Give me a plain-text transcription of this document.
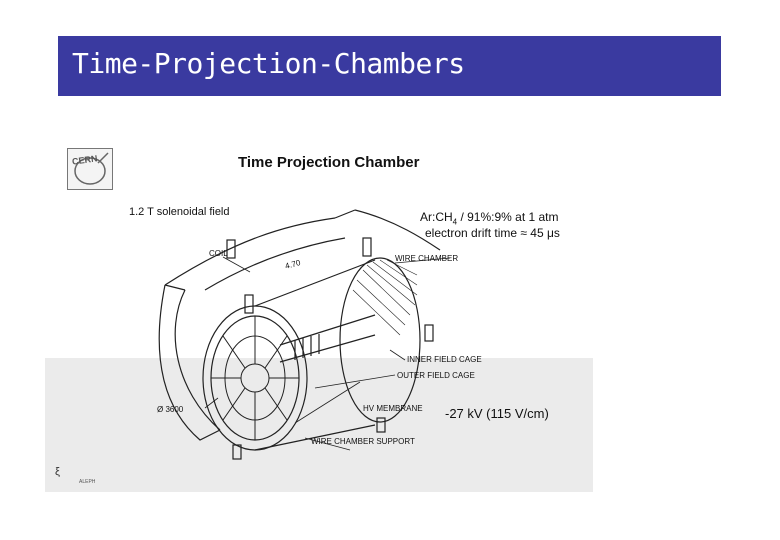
Time-Projection-Chambers
CERN	Time Projection Chamber
1.2 T solenoidal field	$Ar:CH_4$ / 91%:9% at 1 atm
electron drift time ≈ 45 μs
COIL
4.70	WIRE CHAMBER
INNER FIELD CAGE
OUTER FIELD CAGE
HV MEMBRANE
Ø 3600	-27 kV (115 V/cm)
WIRE CHAMBER SUPPORT
ξ
ALEPH
